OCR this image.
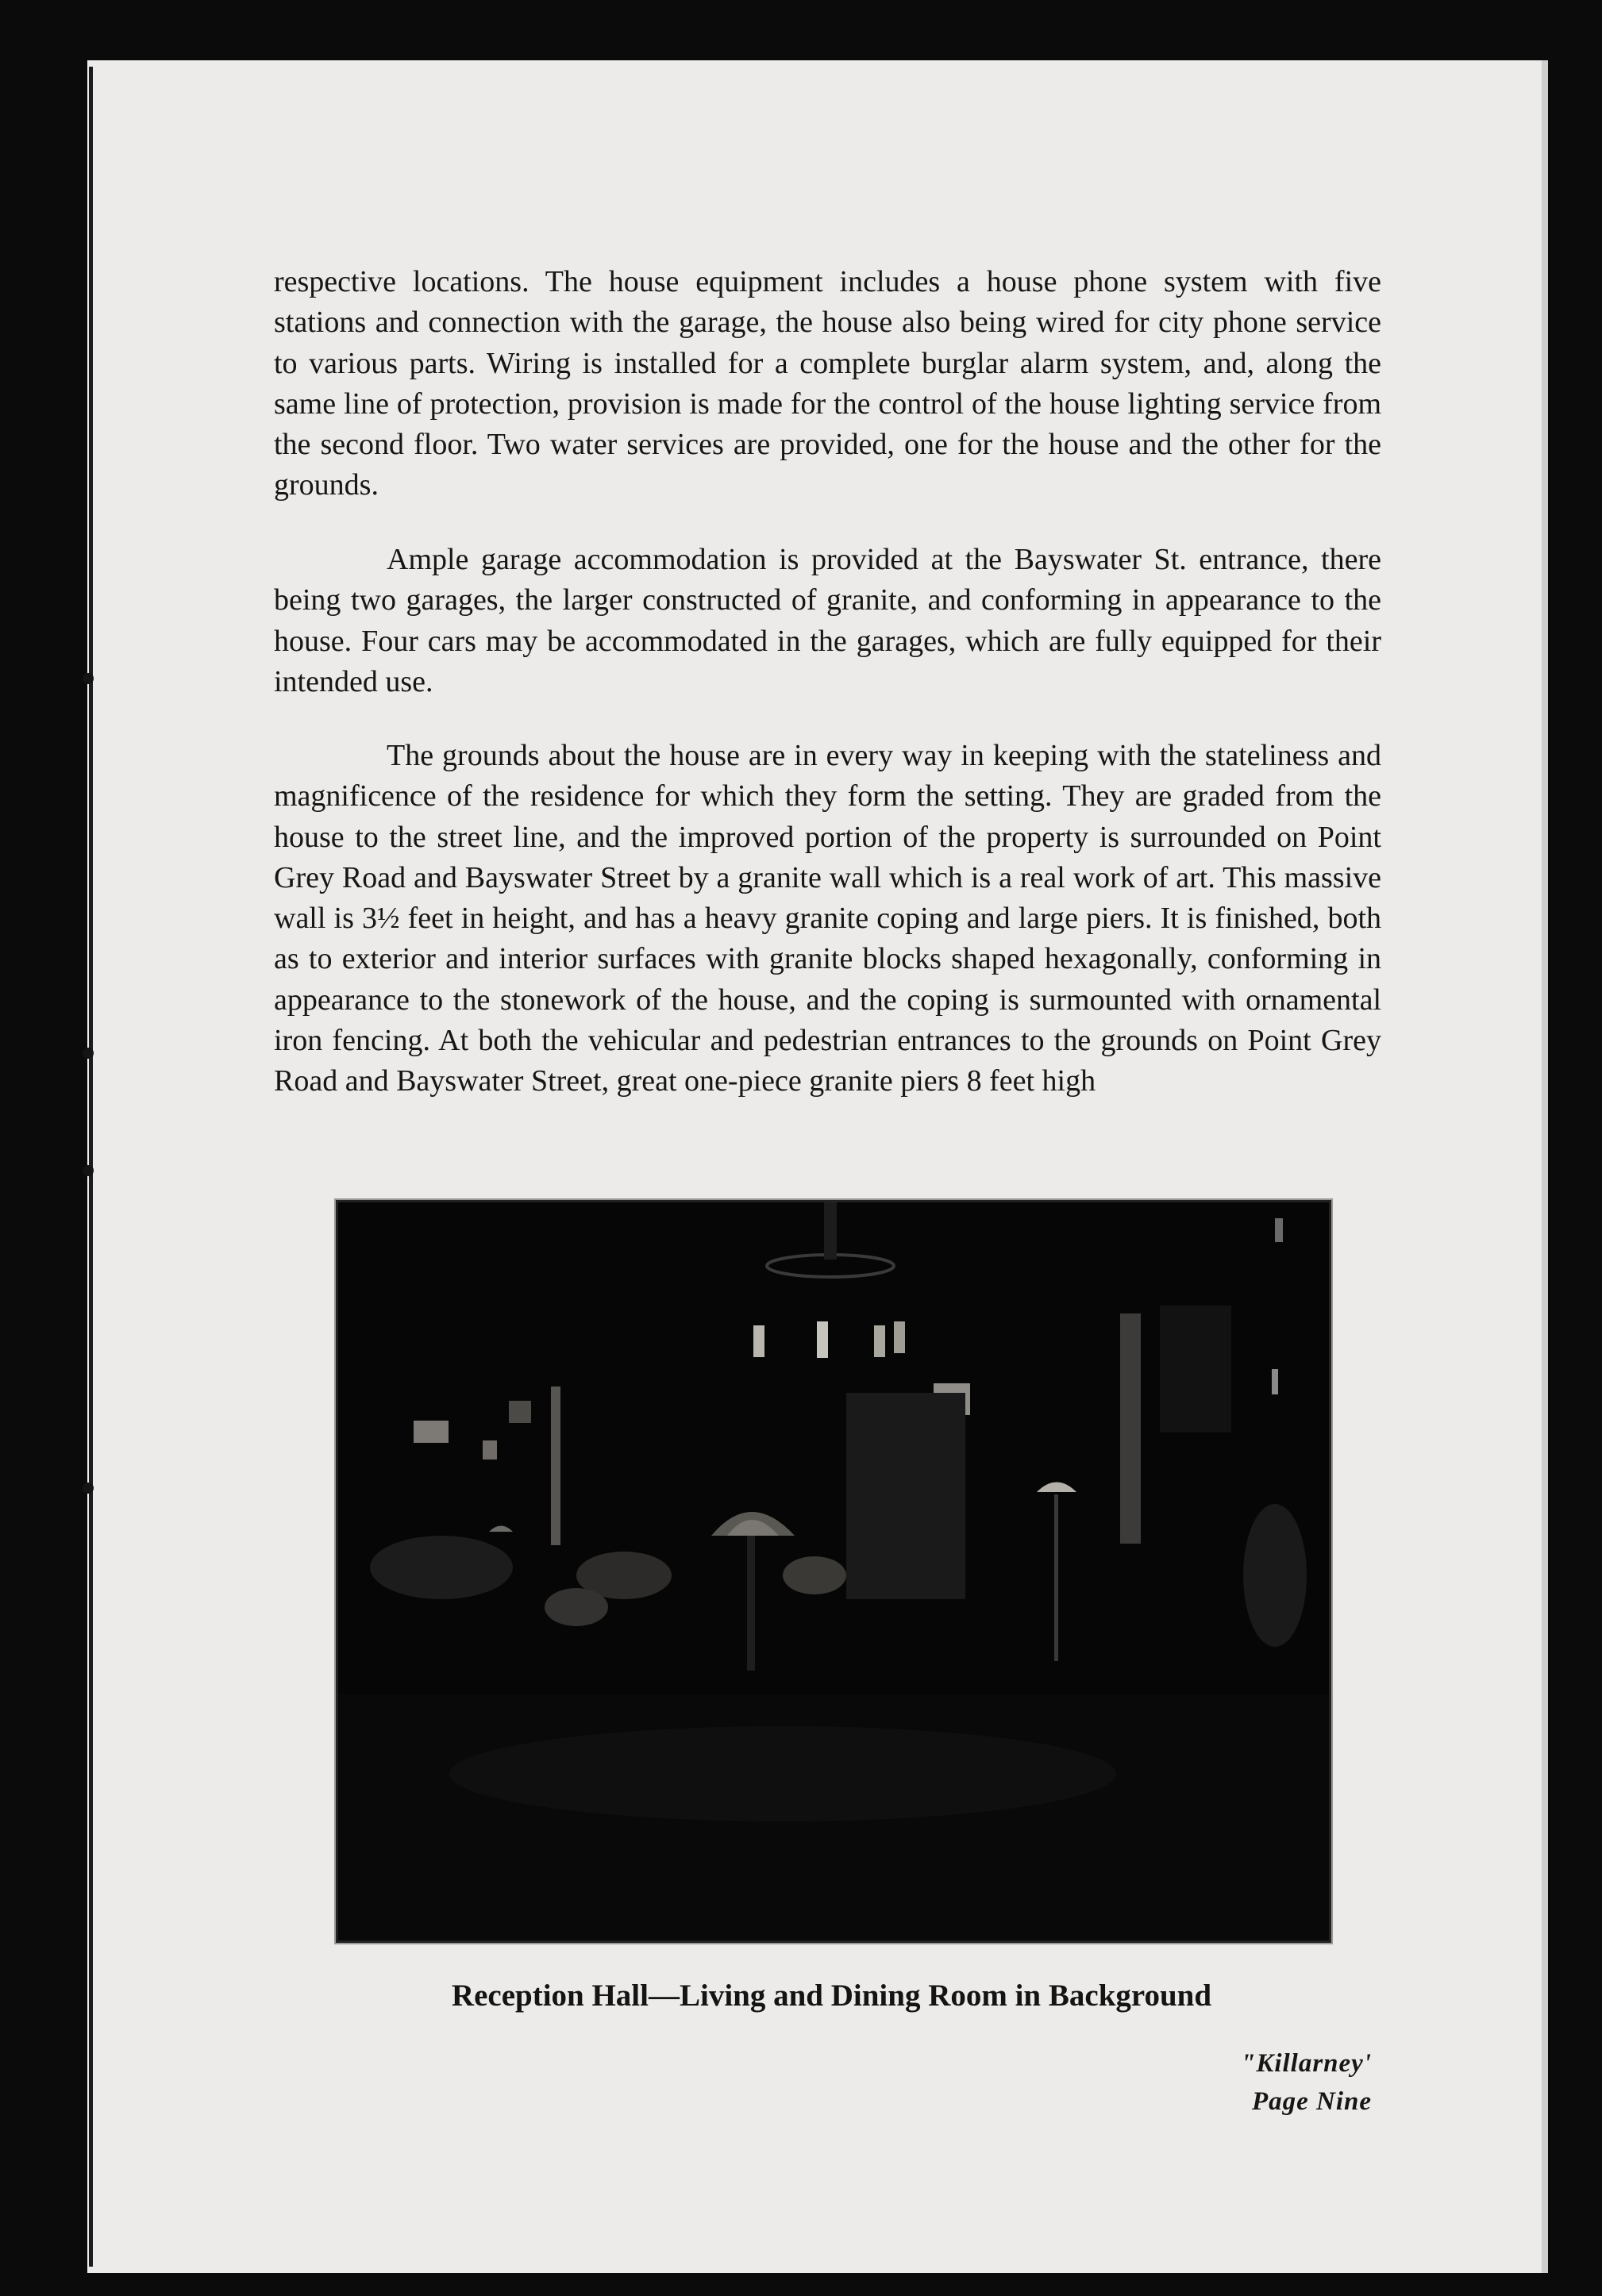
respective locations. The house equipment includes a house phone system with five stations and connection with the garage, the house also being wired for city phone service to various parts. Wiring is installed for a complete burglar alarm system, and, along the same line of protection, provision is made for the control of the house lighting service from the second floor. Two water services are provided, one for the house and the other for the grounds.

Ample garage accommodation is provided at the Bayswater St. entrance, there being two garages, the larger constructed of granite, and conforming in appearance to the house. Four cars may be accommodated in the garages, which are fully equipped for their intended use.

The grounds about the house are in every way in keeping with the stateliness and magnificence of the residence for which they form the setting. They are graded from the house to the street line, and the improved portion of the property is surrounded on Point Grey Road and Bayswater Street by a granite wall which is a real work of art. This massive wall is 3½ feet in height, and has a heavy granite coping and large piers. It is finished, both as to exterior and interior surfaces with granite blocks shaped hexagonally, conforming in appearance to the stonework of the house, and the coping is surmounted with ornamental iron fencing. At both the vehicular and pedestrian entrances to the grounds on Point Grey Road and Bayswater Street, great one-piece granite piers 8 feet high

Reception Hall—Living and Dining Room in Background

"Killarney'
Page Nine
